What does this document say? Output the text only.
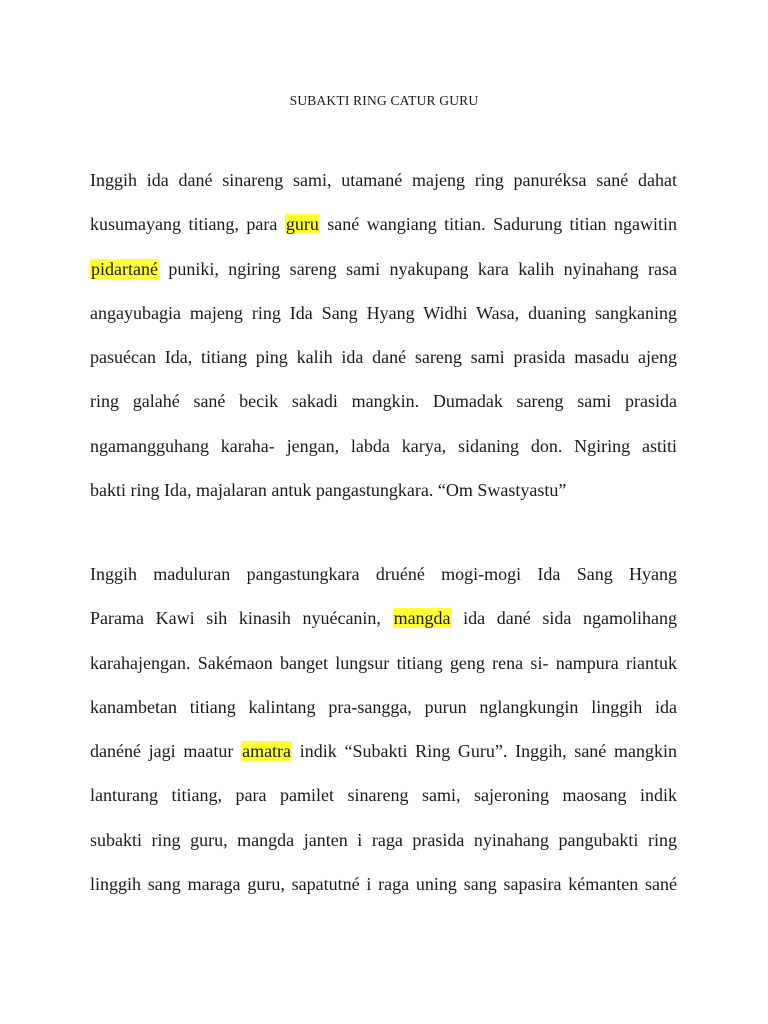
SUBAKTI RING CATUR GURU
Inggih ida dané sinareng sami, utamané majeng ring panuréksa sané dahat
kusumayang titiang, para guru sané wangiang titian. Sadurung titian ngawitin
pidartané puniki, ngiring sareng sami nyakupang kara kalih nyinahang rasa
angayubagia majeng ring Ida Sang Hyang Widhi Wasa, duaning sangkaning
pasuécan Ida, titiang ping kalih ida dané sareng sami prasida masadu ajeng
ring galahé sané becik sakadi mangkin. Dumadak sareng sami prasida
ngamangguhang karaha- jengan, labda karya, sidaning don. Ngiring astiti
bakti ring Ida, majalaran antuk pangastungkara. “Om Swastyastu”
Inggih maduluran pangastungkara druéné mogi-mogi Ida Sang Hyang
Parama Kawi sih kinasih nyuécanin, mangda ida dané sida ngamolihang
karahajengan. Sakémaon banget lungsur titiang geng rena si- nampura riantuk
kanambetan titiang kalintang pra-sangga, purun nglangkungin linggih ida
danéné jagi maatur amatra indik “Subakti Ring Guru”. Inggih, sané mangkin
lanturang titiang, para pamilet sinareng sami, sajeroning maosang indik
subakti ring guru, mangda janten i raga prasida nyinahang pangubakti ring
linggih sang maraga guru, sapatutné i raga uning sang sapasira kémanten sané
